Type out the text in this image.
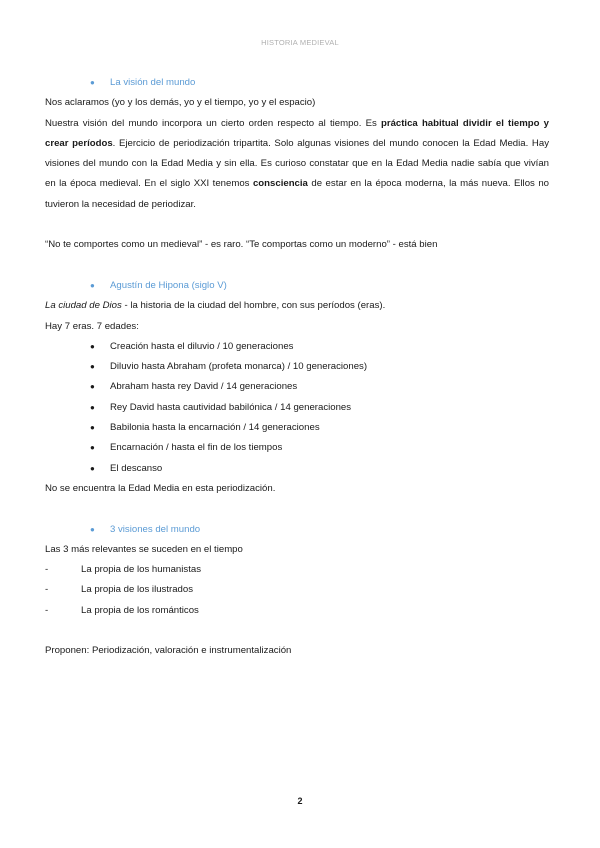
HISTORIA MEDIEVAL
●	La visión del mundo
Nos aclaramos (yo y los demás, yo y el tiempo, yo y el espacio)
Nuestra visión del mundo incorpora un cierto orden respecto al tiempo. Es práctica habitual dividir el tiempo y crear períodos. Ejercicio de periodización tripartita. Solo algunas visiones del mundo conocen la Edad Media. Hay visiones del mundo con la Edad Media y sin ella. Es curioso constatar que en la Edad Media nadie sabía que vivían en la época medieval. En el siglo XXI tenemos consciencia de estar en la época moderna, la más nueva. Ellos no tuvieron la necesidad de periodizar.
“No te comportes como un medieval” - es raro. “Te comportas como un moderno” - está bien
●	Agustín de Hipona (siglo V)
La ciudad de Dios - la historia de la ciudad del hombre, con sus períodos (eras).
Hay 7 eras. 7 edades:
●	Creación hasta el diluvio / 10 generaciones
●	Diluvio hasta Abraham (profeta monarca) / 10 generaciones)
●	Abraham hasta rey David / 14 generaciones
●	Rey David hasta cautividad babilónica / 14 generaciones
●	Babilonia hasta la encarnación / 14 generaciones
●	Encarnación / hasta el fin de los tiempos
●	El descanso
No se encuentra la Edad Media en esta periodización.
●	3 visiones del mundo
Las 3 más relevantes se suceden en el tiempo
-	La propia de los humanistas
-	La propia de los ilustrados
-	La propia de los románticos
Proponen: Periodización, valoración e instrumentalización
2
